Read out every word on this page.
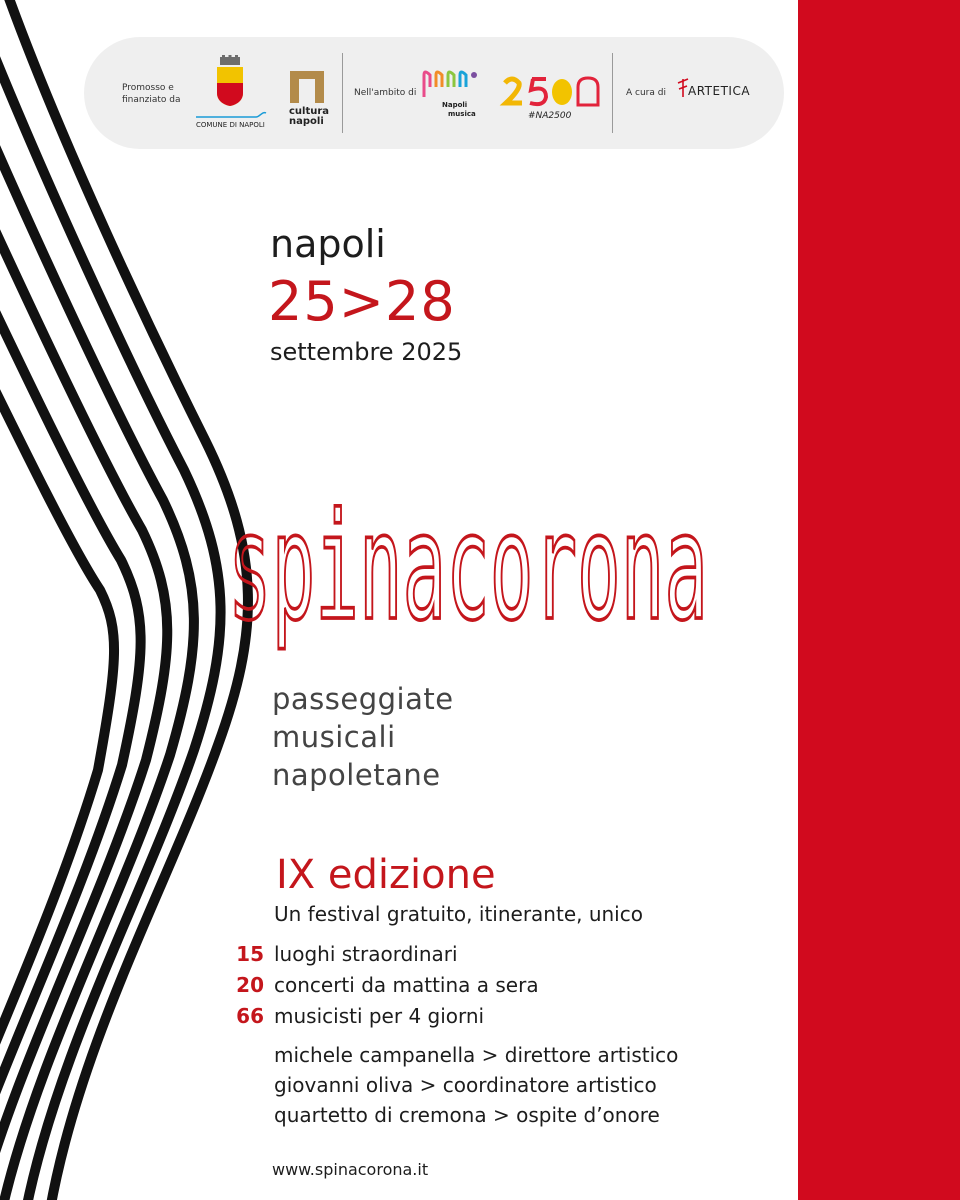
Promosso e finanziato da
COMUNE DI NAPOLI
cultura
napoli
Nell'ambito di
Napoli
musica	#NA2500
A cura di ARTETICA
napoli
25>28
settembre 2025
spinacorona
passeggiate
musicali
napoletane
IX edizione
Un festival gratuito, itinerante, unico
15 luoghi straordinari
20 concerti da mattina a sera
66 musicisti per 4 giorni
michele campanella > direttore artistico
giovanni oliva > coordinatore artistico
quartetto di cremona > ospite d’onore
www.spinacorona.it
